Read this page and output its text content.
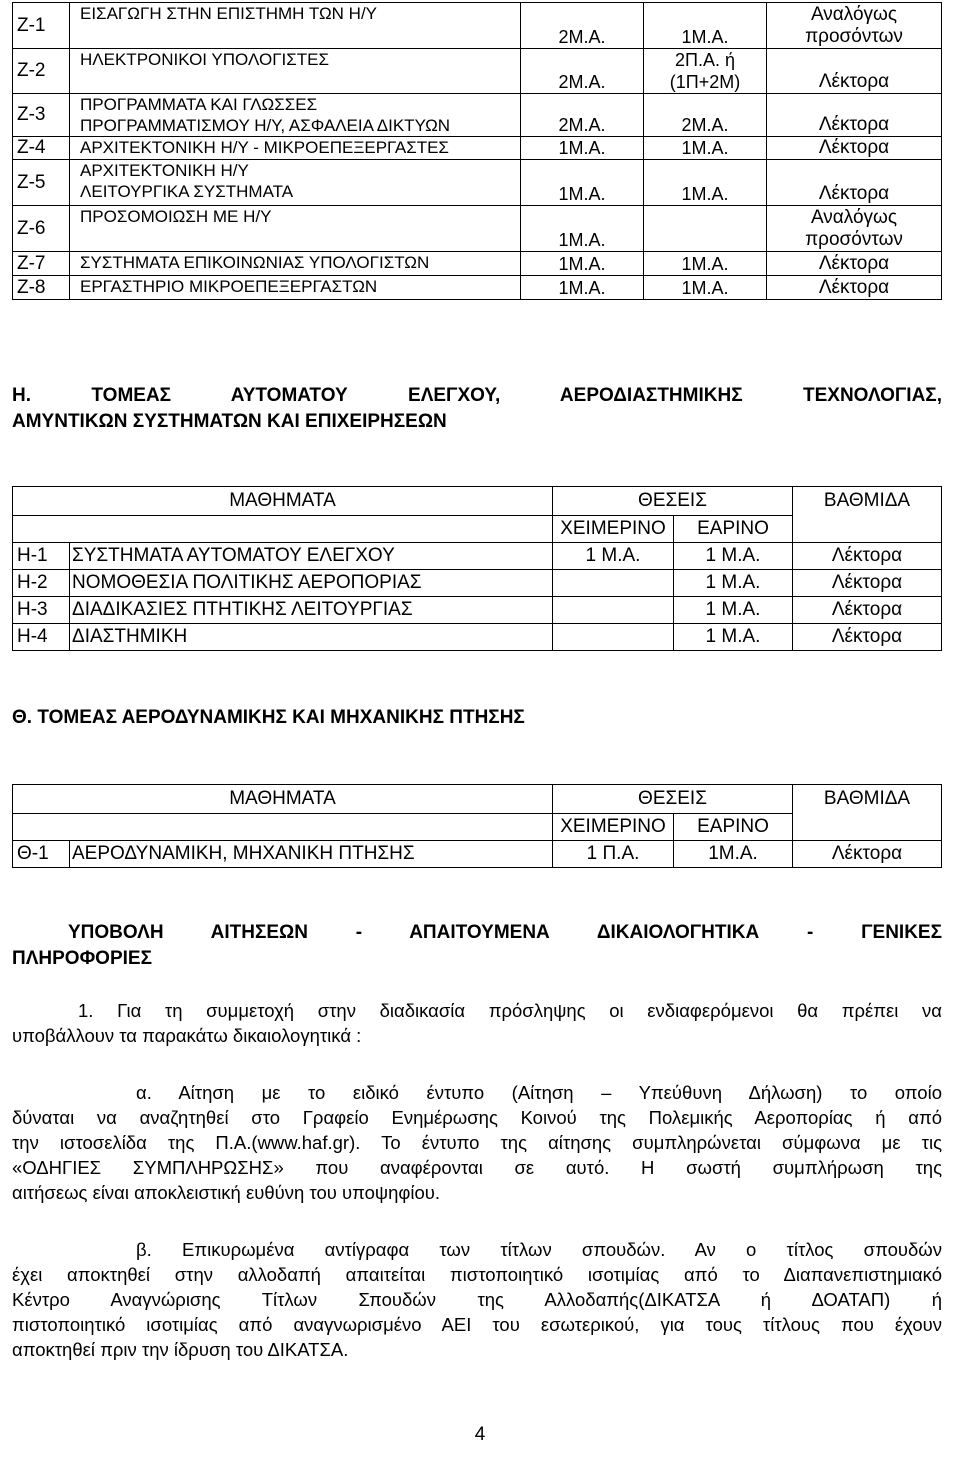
Ζ-1	ΕΙΣΑΓΩΓΗ ΣΤΗΝ ΕΠΙΣΤΗΜΗ ΤΩΝ Η/Υ	2Μ.Α.	1Μ.Α.	Αναλόγως
προσόντων

Ζ-2	ΗΛΕΚΤΡΟΝΙΚΟΙ ΥΠΟΛΟΓΙΣΤΕΣ	2Μ.Α.	2Π.Α. ή
(1Π+2Μ)	Λέκτορα

Ζ-3	ΠΡΟΓΡΑΜΜΑΤΑ ΚΑΙ ΓΛΩΣΣΕΣ
ΠΡΟΓΡΑΜΜΑΤΙΣΜΟΥ Η/Υ, ΑΣΦΑΛΕΙΑ ΔΙΚΤΥΩΝ	2Μ.Α.	2Μ.Α.	Λέκτορα

Ζ-4	ΑΡΧΙΤΕΚΤΟΝΙΚΗ Η/Υ - ΜΙΚΡΟΕΠΕΞΕΡΓΑΣΤΕΣ	1Μ.Α.	1Μ.Α.	Λέκτορα

Ζ-5	ΑΡΧΙΤΕΚΤΟΝΙΚΗ Η/Υ
ΛΕΙΤΟΥΡΓΙΚΑ ΣΥΣΤΗΜΑΤΑ	1Μ.Α.	1Μ.Α.	Λέκτορα

Ζ-6	ΠΡΟΣΟΜΟΙΩΣΗ ΜΕ Η/Υ	1Μ.Α.		Αναλόγως
προσόντων

Ζ-7	ΣΥΣΤΗΜΑΤΑ ΕΠΙΚΟΙΝΩΝΙΑΣ ΥΠΟΛΟΓΙΣΤΩΝ	1Μ.Α.	1Μ.Α.	Λέκτορα

Ζ-8	ΕΡΓΑΣΤΗΡΙΟ ΜΙΚΡΟΕΠΕΞΕΡΓΑΣΤΩΝ	1Μ.Α.	1Μ.Α.	Λέκτορα
Η. ΤΟΜΕΑΣ ΑΥΤΟΜΑΤΟΥ ΕΛΕΓΧΟΥ, ΑΕΡΟΔΙΑΣΤΗΜΙΚΗΣ ΤΕΧΝΟΛΟΓΙΑΣ,
ΑΜΥΝΤΙΚΩΝ ΣΥΣΤΗΜΑΤΩΝ ΚΑΙ ΕΠΙΧΕΙΡΗΣΕΩΝ
ΜΑΘΗΜΑΤΑ		ΘΕΣΕΙΣ		ΒΑΘΜΙΔΑ
		ΧΕΙΜΕΡΙΝΟ	ΕΑΡΙΝΟ	
Η-1	ΣΥΣΤΗΜΑΤΑ ΑΥΤΟΜΑΤΟΥ ΕΛΕΓΧΟΥ	1 Μ.Α.	1 Μ.Α.	Λέκτορα
Η-2	ΝΟΜΟΘΕΣΙΑ ΠΟΛΙΤΙΚΗΣ ΑΕΡΟΠΟΡΙΑΣ		1 Μ.Α.	Λέκτορα
Η-3	ΔΙΑΔΙΚΑΣΙΕΣ ΠΤΗΤΙΚΗΣ ΛΕΙΤΟΥΡΓΙΑΣ		1 Μ.Α.	Λέκτορα
Η-4	ΔΙΑΣΤΗΜΙΚΗ		1 Μ.Α.	Λέκτορα
Θ. ΤΟΜΕΑΣ ΑΕΡΟΔΥΝΑΜΙΚΗΣ ΚΑΙ ΜΗΧΑΝΙΚΗΣ ΠΤΗΣΗΣ
ΜΑΘΗΜΑΤΑ		ΘΕΣΕΙΣ		ΒΑΘΜΙΔΑ
		ΧΕΙΜΕΡΙΝΟ	ΕΑΡΙΝΟ	
Θ-1	ΑΕΡΟΔΥΝΑΜΙΚΗ, ΜΗΧΑΝΙΚΗ ΠΤΗΣΗΣ	1 Π.Α.	1Μ.Α.	Λέκτορα
ΥΠΟΒΟΛΗ ΑΙΤΗΣΕΩΝ - ΑΠΑΙΤΟΥΜΕΝΑ ΔΙΚΑΙΟΛΟΓΗΤΙΚΑ - ΓΕΝΙΚΕΣ
ΠΛΗΡΟΦΟΡΙΕΣ
1. Για τη συμμετοχή στην διαδικασία πρόσληψης οι ενδιαφερόμενοι θα πρέπει να
υποβάλλουν τα παρακάτω δικαιολογητικά :
α. Αίτηση με το ειδικό έντυπο (Αίτηση – Υπεύθυνη Δήλωση) το οποίο
δύναται να αναζητηθεί στο Γραφείο Ενημέρωσης Κοινού της Πολεμικής Αεροπορίας ή από
την ιστοσελίδα της Π.Α.(www.haf.gr). Το έντυπο της αίτησης συμπληρώνεται σύμφωνα με τις
«ΟΔΗΓΙΕΣ ΣΥΜΠΛΗΡΩΣΗΣ» που αναφέρονται σε αυτό. Η σωστή συμπλήρωση της
αιτήσεως είναι αποκλειστική ευθύνη του υποψηφίου.
β. Επικυρωμένα αντίγραφα των τίτλων σπουδών. Αν ο τίτλος σπουδών
έχει αποκτηθεί στην αλλοδαπή απαιτείται πιστοποιητικό ισοτιμίας από το Διαπανεπιστημιακό
Κέντρο Αναγνώρισης Τίτλων Σπουδών της Αλλοδαπής(ΔΙΚΑΤΣΑ ή ΔΟΑΤΑΠ) ή
πιστοποιητικό ισοτιμίας από αναγνωρισμένο ΑΕΙ του εσωτερικού, για τους τίτλους που έχουν
αποκτηθεί πριν την ίδρυση του ΔΙΚΑΤΣΑ.
4
